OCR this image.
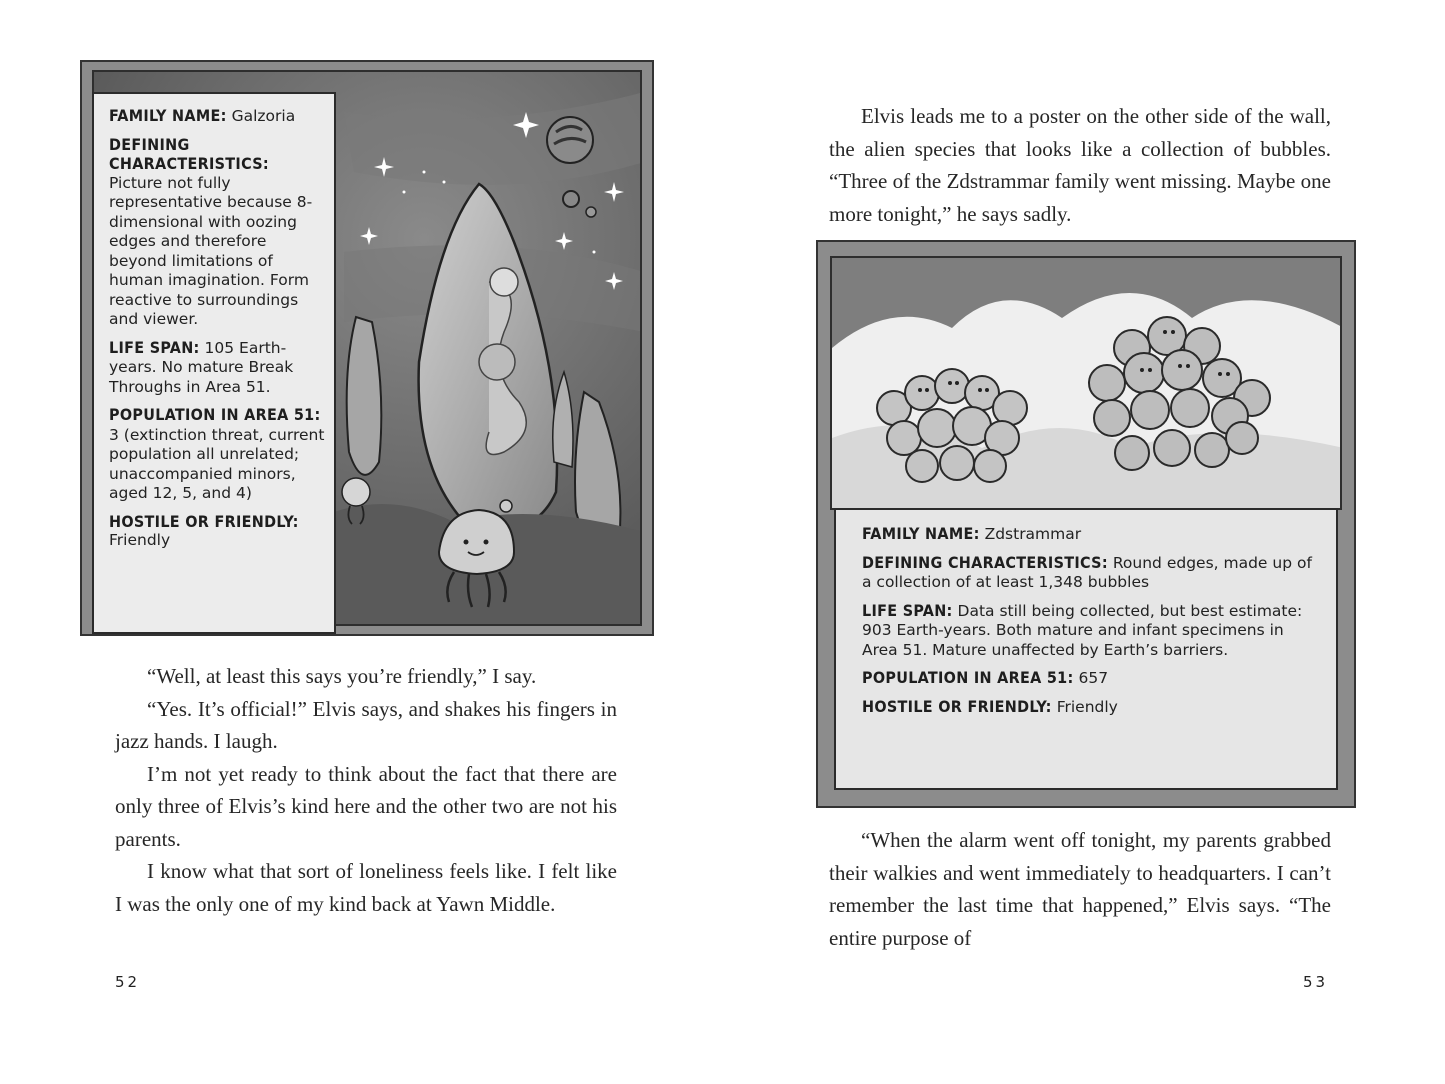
FAMILY NAME: Galzoria
DEFINING CHARACTERISTICS:
Picture not fully representative because 8-dimensional with oozing edges and therefore beyond limitations of human imagination. Form reactive to surroundings and viewer.
LIFE SPAN: 105 Earth-years. No mature Break Throughs in Area 51.
POPULATION IN AREA 51: 3 (extinction threat, current population all unrelated; unaccompanied minors, aged 12, 5, and 4)
HOSTILE OR FRIENDLY:
Friendly

“Well, at least this says you’re friendly,” I say.

“Yes. It’s official!” Elvis says, and shakes his fingers in jazz hands. I laugh.

I’m not yet ready to think about the fact that there are only three of Elvis’s kind here and the other two are not his parents.

I know what that sort of loneliness feels like. I felt like I was the only one of my kind back at Yawn Middle.

52

Elvis leads me to a poster on the other side of the wall, the alien species that looks like a collection of bubbles. “Three of the Zdstrammar family went missing. Maybe one more tonight,” he says sadly.

FAMILY NAME: Zdstrammar
DEFINING CHARACTERISTICS: Round edges, made up of a collection of at least 1,348 bubbles
LIFE SPAN: Data still being collected, but best estimate: 903 Earth-years. Both mature and infant specimens in Area 51. Mature unaffected by Earth’s barriers.
POPULATION IN AREA 51: 657
HOSTILE OR FRIENDLY: Friendly

“When the alarm went off tonight, my parents grabbed their walkies and went immediately to headquarters. I can’t remember the last time that happened,” Elvis says. “The entire purpose of

53
